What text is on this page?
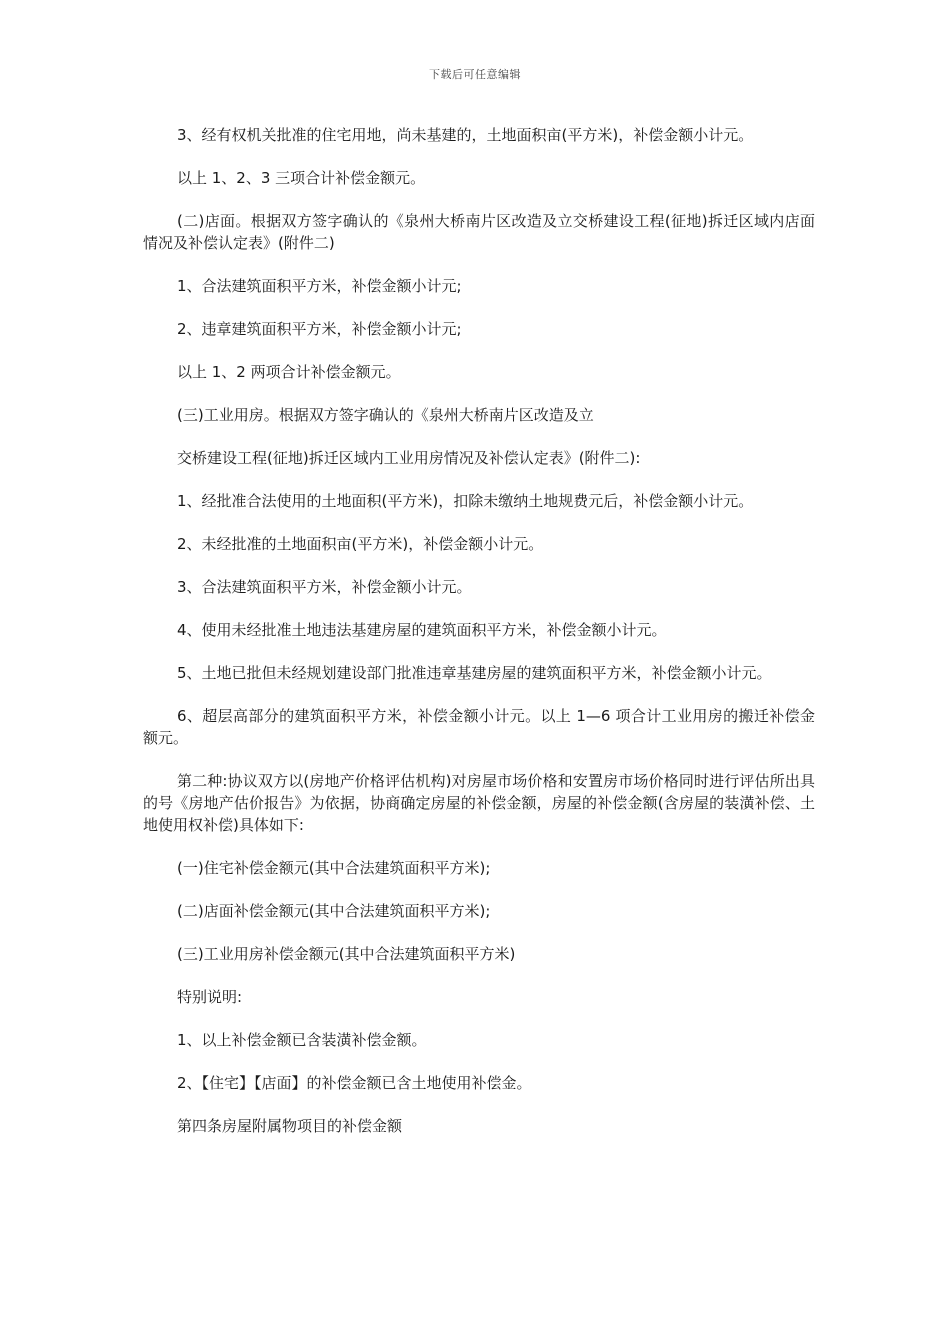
下载后可任意编辑

3、经有权机关批准的住宅用地，尚未基建的，土地面积亩(平方米)，补偿金额小计元。

以上 1、2、3 三项合计补偿金额元。

(二)店面。根据双方签字确认的《泉州大桥南片区改造及立交桥建设工程(征地)拆迁区域内店面情况及补偿认定表》(附件二)

1、合法建筑面积平方米，补偿金额小计元;

2、违章建筑面积平方米，补偿金额小计元;

以上 1、2 两项合计补偿金额元。

(三)工业用房。根据双方签字确认的《泉州大桥南片区改造及立

交桥建设工程(征地)拆迁区域内工业用房情况及补偿认定表》(附件二):

1、经批准合法使用的土地面积(平方米)，扣除未缴纳土地规费元后，补偿金额小计元。

2、未经批准的土地面积亩(平方米)，补偿金额小计元。

3、合法建筑面积平方米，补偿金额小计元。

4、使用未经批准土地违法基建房屋的建筑面积平方米，补偿金额小计元。

5、土地已批但未经规划建设部门批准违章基建房屋的建筑面积平方米，补偿金额小计元。

6、超层高部分的建筑面积平方米，补偿金额小计元。以上 1—6 项合计工业用房的搬迁补偿金额元。

第二种:协议双方以(房地产价格评估机构)对房屋市场价格和安置房市场价格同时进行评估所出具的号《房地产估价报告》为依据，协商确定房屋的补偿金额，房屋的补偿金额(含房屋的装潢补偿、土地使用权补偿)具体如下:

(一)住宅补偿金额元(其中合法建筑面积平方米);

(二)店面补偿金额元(其中合法建筑面积平方米);

(三)工业用房补偿金额元(其中合法建筑面积平方米)

特别说明:

1、以上补偿金额已含装潢补偿金额。

2、【住宅】【店面】的补偿金额已含土地使用补偿金。

第四条房屋附属物项目的补偿金额
